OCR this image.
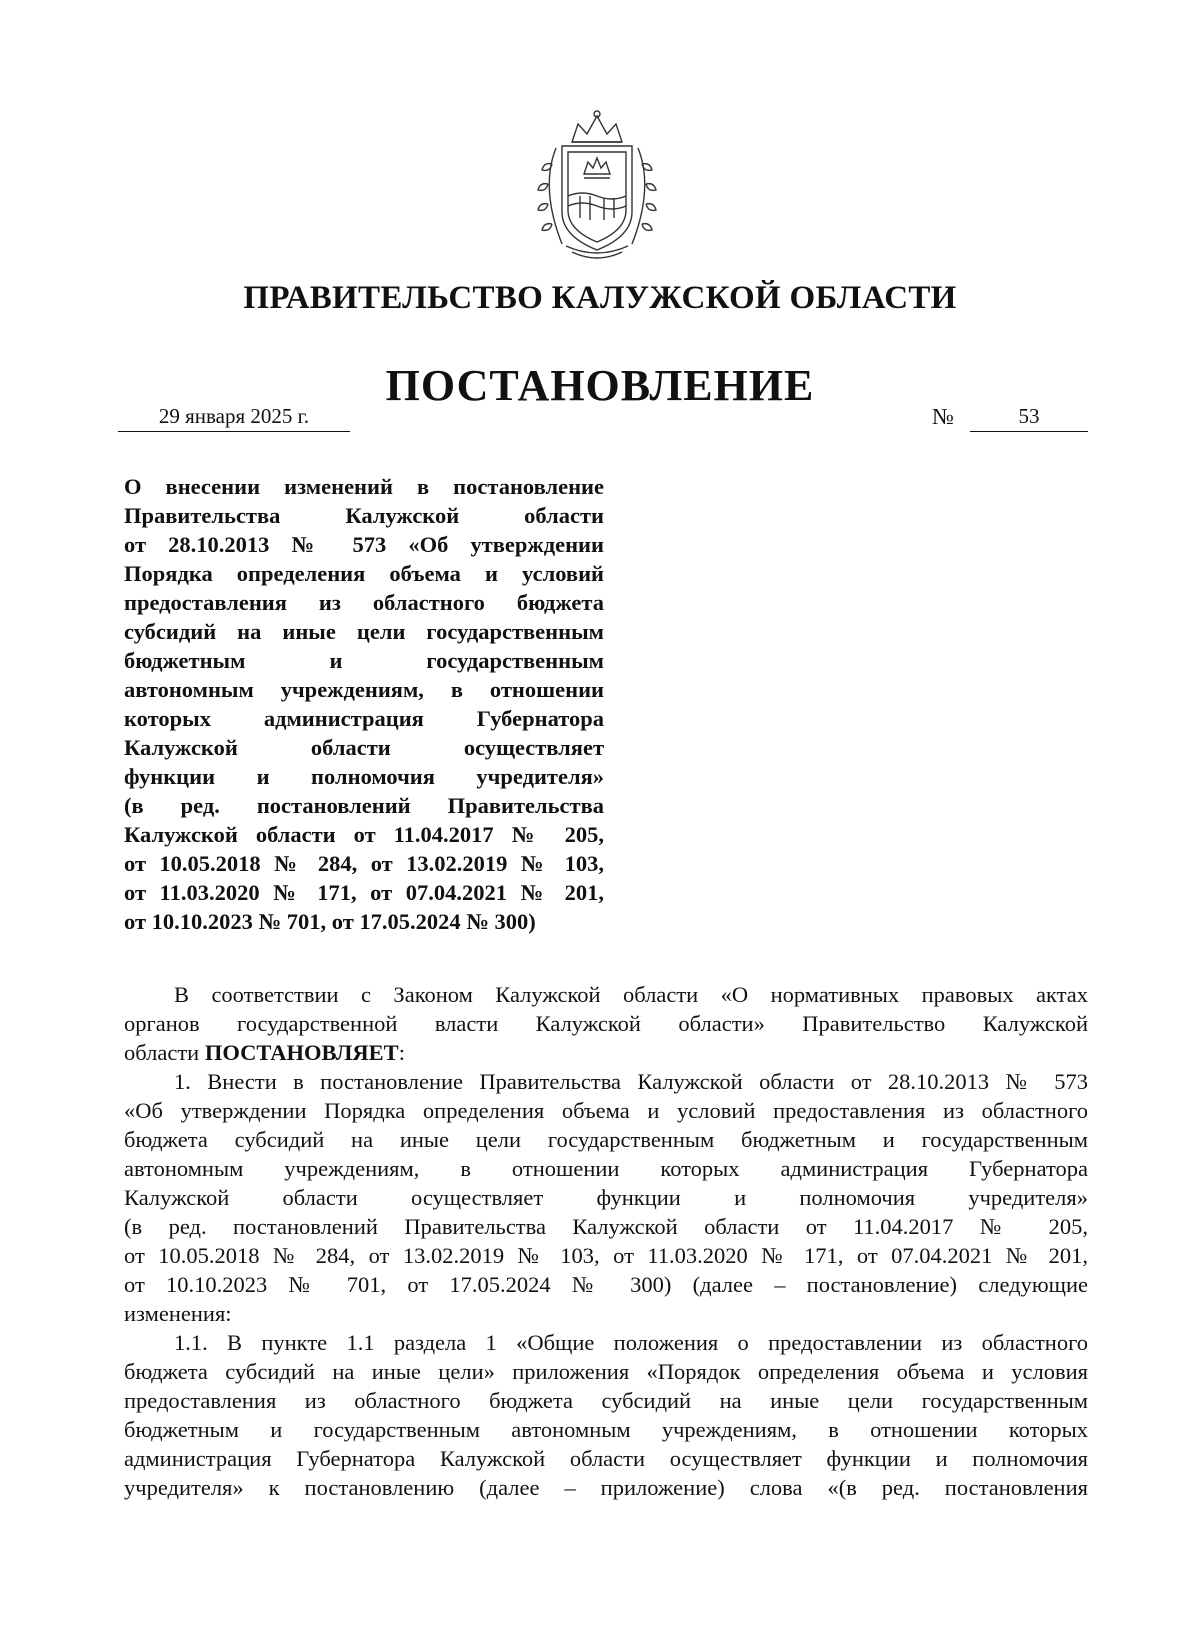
ПРАВИТЕЛЬСТВО КАЛУЖСКОЙ ОБЛАСТИ
ПОСТАНОВЛЕНИЕ
29 января 2025 г.	№	53
О внесении изменений в постановление
Правительства Калужской области
от 28.10.2013 № 573 «Об утверждении
Порядка определения объема и условий
предоставления из областного бюджета
субсидий на иные цели государственным
бюджетным и государственным
автономным учреждениям, в отношении
которых администрация Губернатора
Калужской области осуществляет
функции и полномочия учредителя»
(в ред. постановлений Правительства
Калужской области от 11.04.2017 № 205,
от 10.05.2018 № 284, от 13.02.2019 № 103,
от 11.03.2020 № 171, от 07.04.2021 № 201,
от 10.10.2023 № 701, от 17.05.2024 № 300)
В соответствии с Законом Калужской области «О нормативных правовых актах
органов государственной власти Калужской области» Правительство Калужской
области ПОСТАНОВЛЯЕТ:
1. Внести в постановление Правительства Калужской области от 28.10.2013 № 573
«Об утверждении Порядка определения объема и условий предоставления из областного
бюджета субсидий на иные цели государственным бюджетным и государственным
автономным учреждениям, в отношении которых администрация Губернатора
Калужской области осуществляет функции и полномочия учредителя»
(в ред. постановлений Правительства Калужской области от 11.04.2017 № 205,
от 10.05.2018 № 284, от 13.02.2019 № 103, от 11.03.2020 № 171, от 07.04.2021 № 201,
от 10.10.2023 № 701, от 17.05.2024 № 300) (далее – постановление) следующие
изменения:
1.1. В пункте 1.1 раздела 1 «Общие положения о предоставлении из областного
бюджета субсидий на иные цели» приложения «Порядок определения объема и условия
предоставления из областного бюджета субсидий на иные цели государственным
бюджетным и государственным автономным учреждениям, в отношении которых
администрация Губернатора Калужской области осуществляет функции и полномочия
учредителя» к постановлению (далее – приложение) слова «(в ред. постановления
